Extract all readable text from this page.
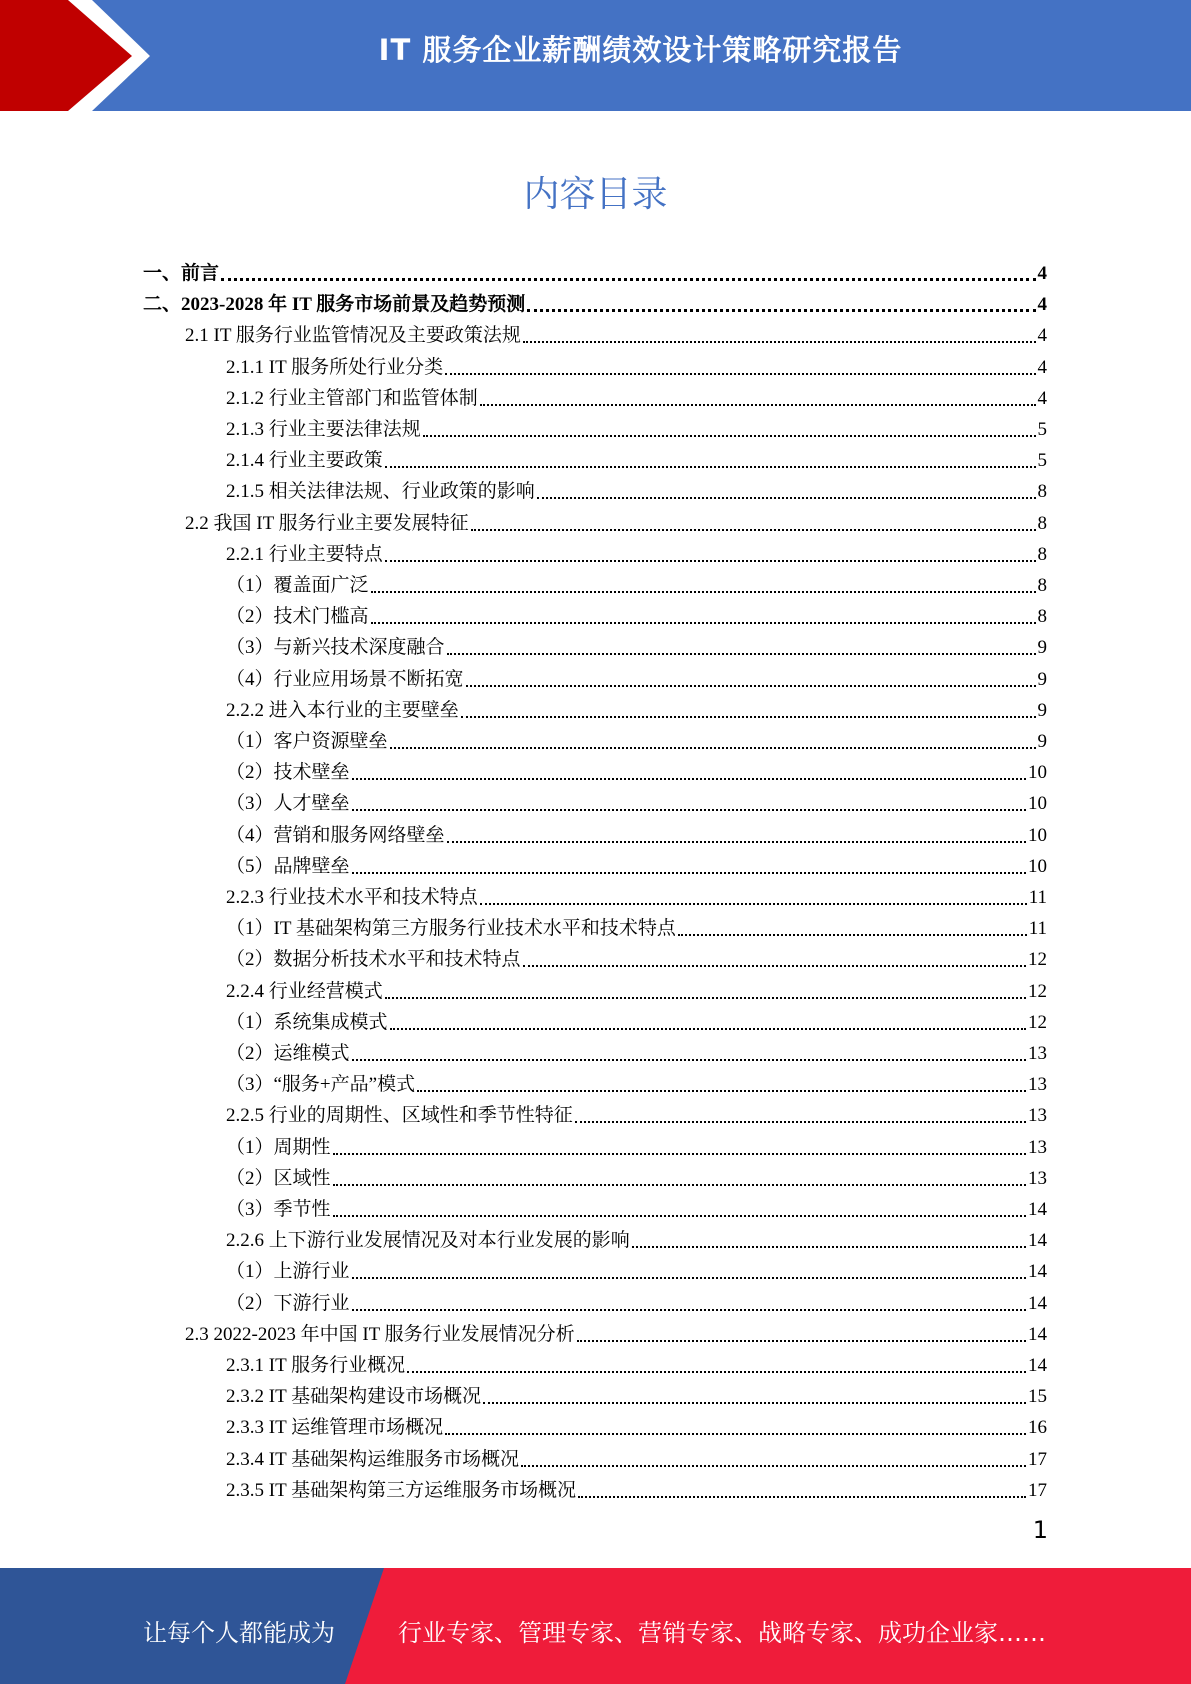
IT 服务企业薪酬绩效设计策略研究报告
内容目录
一、前言	4
二、2023-2028 年 IT 服务市场前景及趋势预测	4
2.1 IT 服务行业监管情况及主要政策法规	4
2.1.1 IT 服务所处行业分类	4
2.1.2 行业主管部门和监管体制	4
2.1.3 行业主要法律法规	5
2.1.4 行业主要政策	5
2.1.5 相关法律法规、行业政策的影响	8
2.2 我国 IT 服务行业主要发展特征	8
2.2.1 行业主要特点	8
（1）覆盖面广泛	8
（2）技术门槛高	8
（3）与新兴技术深度融合	9
（4）行业应用场景不断拓宽	9
2.2.2 进入本行业的主要壁垒	9
（1）客户资源壁垒	9
（2）技术壁垒	10
（3）人才壁垒	10
（4）营销和服务网络壁垒	10
（5）品牌壁垒	10
2.2.3 行业技术水平和技术特点	11
（1）IT 基础架构第三方服务行业技术水平和技术特点	11
（2）数据分析技术水平和技术特点	12
2.2.4 行业经营模式	12
（1）系统集成模式	12
（2）运维模式	13
（3）“服务+产品”模式	13
2.2.5 行业的周期性、区域性和季节性特征	13
（1）周期性	13
（2）区域性	13
（3）季节性	14
2.2.6 上下游行业发展情况及对本行业发展的影响	14
（1）上游行业	14
（2）下游行业	14
2.3 2022-2023 年中国 IT 服务行业发展情况分析	14
2.3.1 IT 服务行业概况	14
2.3.2 IT 基础架构建设市场概况	15
2.3.3 IT 运维管理市场概况	16
2.3.4 IT 基础架构运维服务市场概况	17
2.3.5 IT 基础架构第三方运维服务市场概况	17
1
让每个人都能成为	行业专家、管理专家、营销专家、战略专家、成功企业家……
